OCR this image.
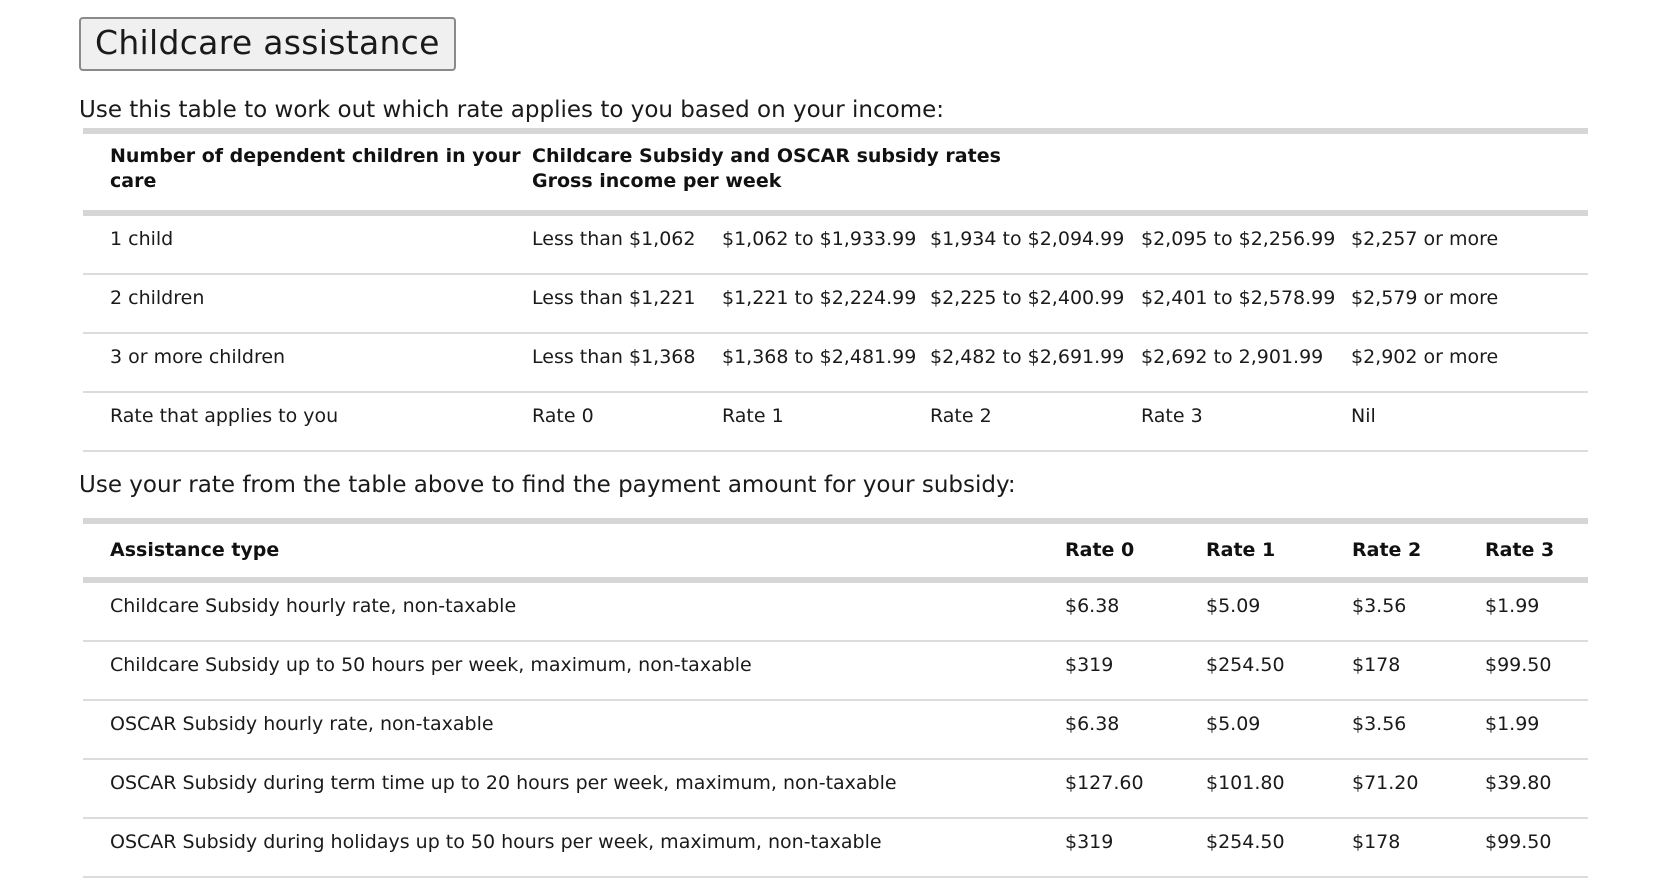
Childcare assistance

Use this table to work out which rate applies to you based on your income:

Number of dependent children in your care	Childcare Subsidy and OSCAR subsidy rates
Gross income per week				

1 child	Less than $1,062	$1,062 to $1,933.99	$1,934 to $2,094.99	$2,095 to $2,256.99	$2,257 or more
2 children	Less than $1,221	$1,221 to $2,224.99	$2,225 to $2,400.99	$2,401 to $2,578.99	$2,579 or more
3 or more children	Less than $1,368	$1,368 to $2,481.99	$2,482 to $2,691.99	$2,692 to 2,901.99	$2,902 or more
Rate that applies to you	Rate 0	Rate 1	Rate 2	Rate 3	Nil

Use your rate from the table above to find the payment amount for your subsidy:

Assistance type	Rate 0	Rate 1	Rate 2	Rate 3
Childcare Subsidy hourly rate, non-taxable	$6.38	$5.09	$3.56	$1.99
Childcare Subsidy up to 50 hours per week, maximum, non-taxable	$319	$254.50	$178	$99.50
OSCAR Subsidy hourly rate, non-taxable	$6.38	$5.09	$3.56	$1.99
OSCAR Subsidy during term time up to 20 hours per week, maximum, non-taxable	$127.60	$101.80	$71.20	$39.80
OSCAR Subsidy during holidays up to 50 hours per week, maximum, non-taxable	$319	$254.50	$178	$99.50
